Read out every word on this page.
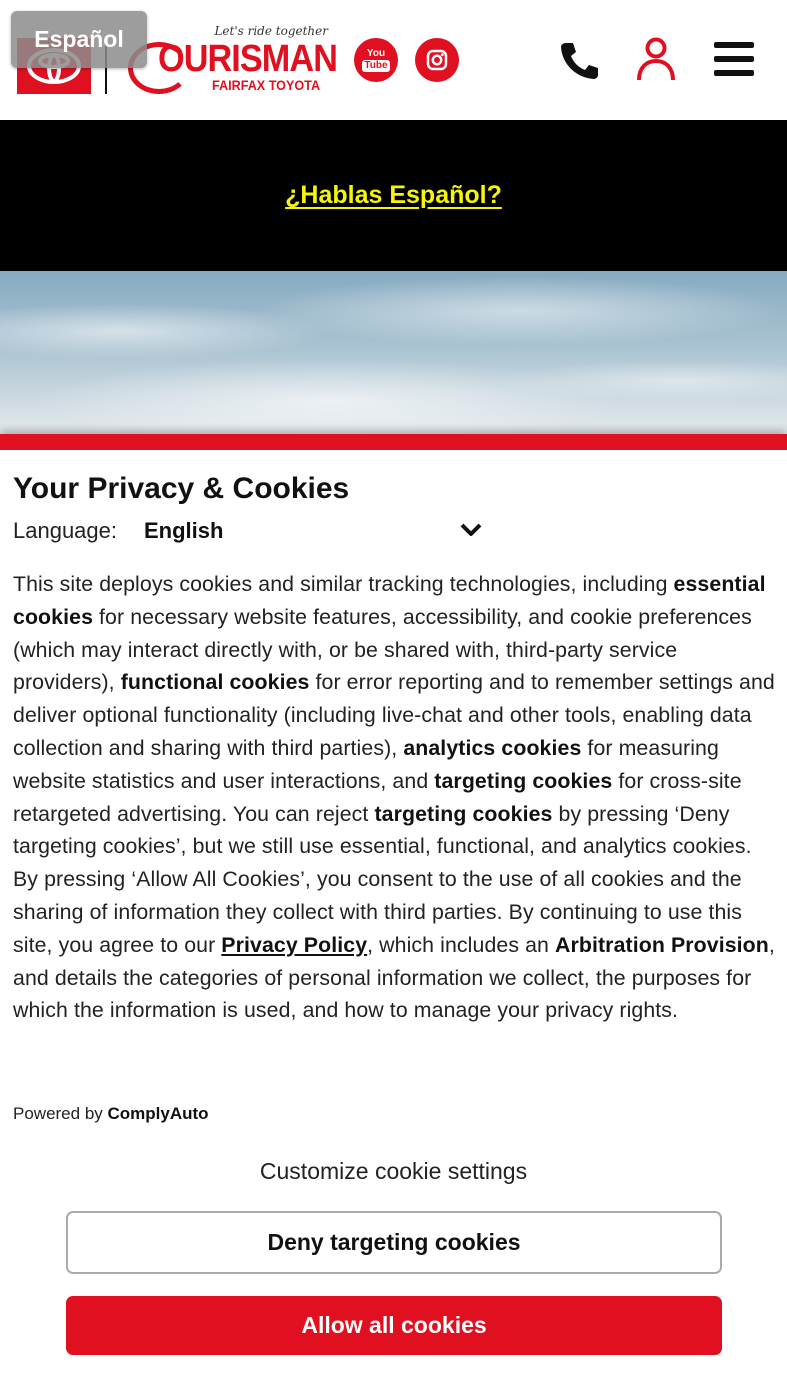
Let's ride together
OURISMAN
FAIRFAX TOYOTA
You
Tube
Español
¿Hablas Español?
Your Privacy & Cookies
Language: English

This site deploys cookies and similar tracking technologies, including essential cookies for necessary website features, accessibility, and cookie preferences (which may interact directly with, or be shared with, third-party service providers), functional cookies for error reporting and to remember settings and deliver optional functionality (including live-chat and other tools, enabling data collection and sharing with third parties), analytics cookies for measuring website statistics and user interactions, and targeting cookies for cross-site retargeted advertising. You can reject targeting cookies by pressing ‘Deny targeting cookies’, but we still use essential, functional, and analytics cookies. By pressing ‘Allow All Cookies’, you consent to the use of all cookies and the sharing of information they collect with third parties. By continuing to use this site, you agree to our Privacy Policy, which includes an Arbitration Provision, and details the categories of personal information we collect, the purposes for which the information is used, and how to manage your privacy rights.

Powered by ComplyAuto
Customize cookie settings
Deny targeting cookies
Allow all cookies
